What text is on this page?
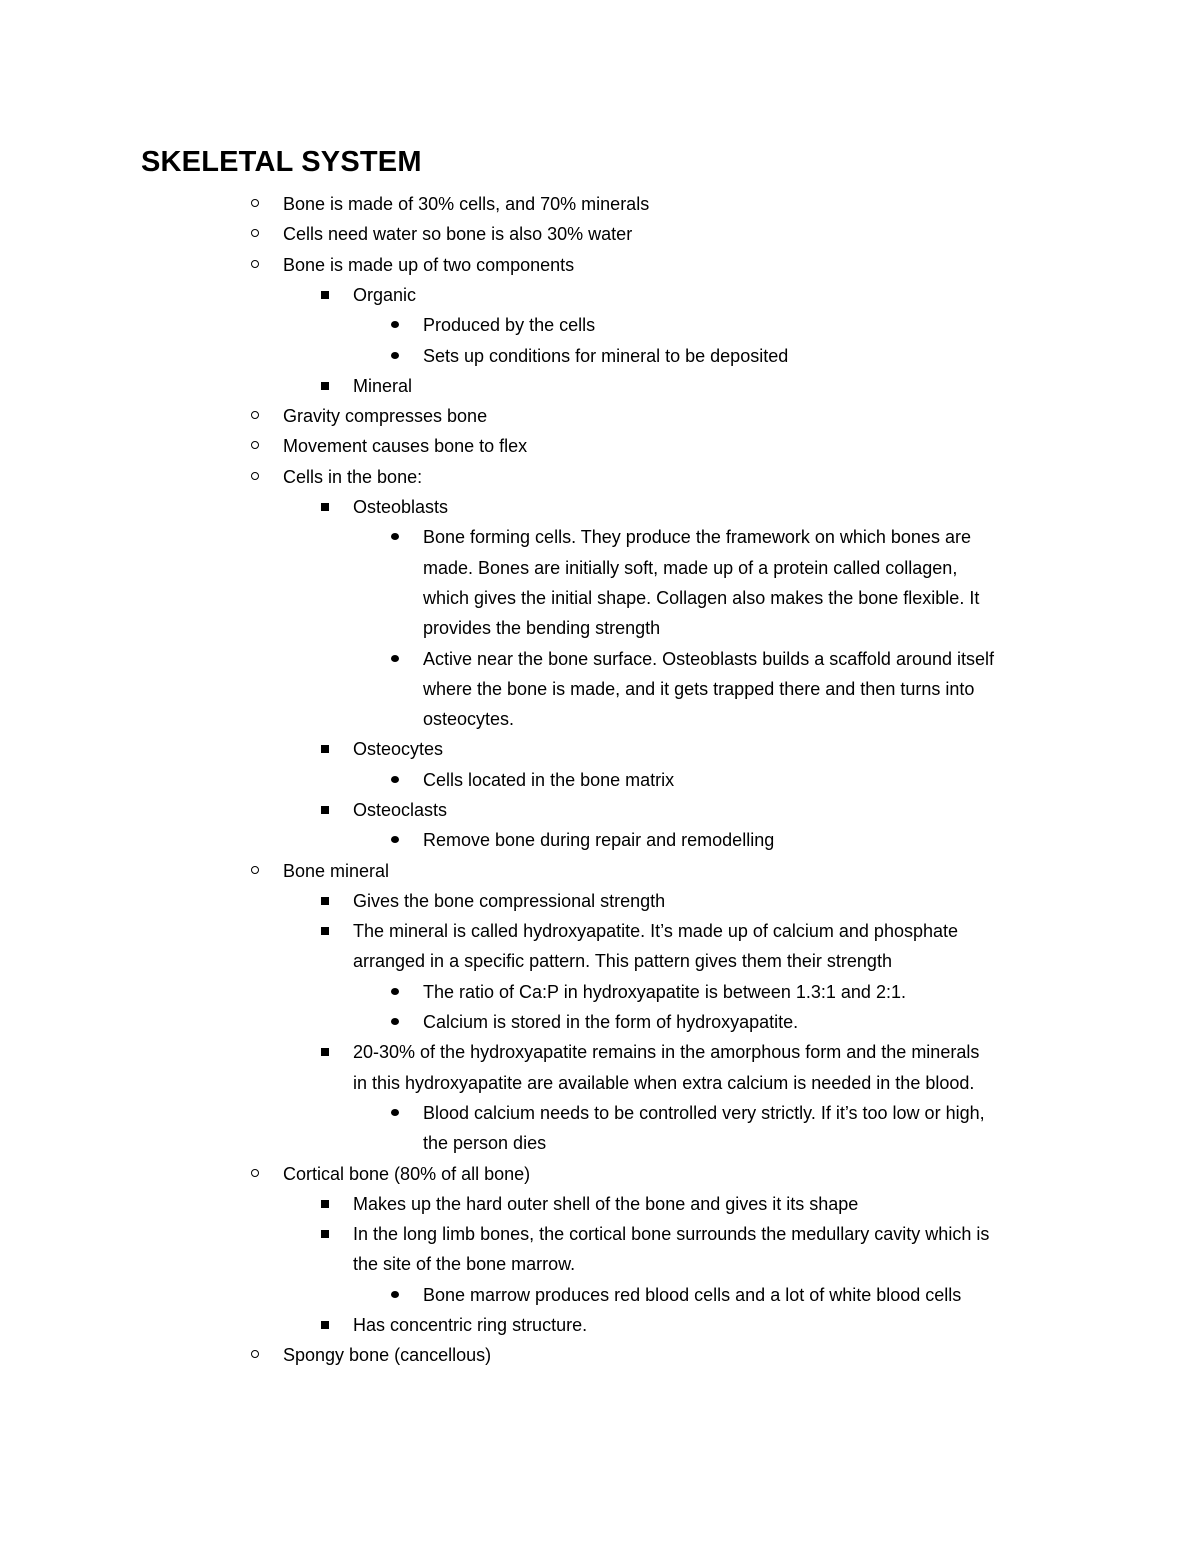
SKELETAL SYSTEM
Bone is made of 30% cells, and 70% minerals
Cells need water so bone is also 30% water
Bone is made up of two components
Organic
Produced by the cells
Sets up conditions for mineral to be deposited
Mineral
Gravity compresses bone
Movement causes bone to flex
Cells in the bone:
Osteoblasts
Bone forming cells. They produce the framework on which bones are
made. Bones are initially soft, made up of a protein called collagen,
which gives the initial shape. Collagen also makes the bone flexible. It
provides the bending strength
Active near the bone surface. Osteoblasts builds a scaffold around itself
where the bone is made, and it gets trapped there and then turns into
osteocytes.
Osteocytes
Cells located in the bone matrix
Osteoclasts
Remove bone during repair and remodelling
Bone mineral
Gives the bone compressional strength
The mineral is called hydroxyapatite. It’s made up of calcium and phosphate
arranged in a specific pattern. This pattern gives them their strength
The ratio of Ca:P in hydroxyapatite is between 1.3:1 and 2:1.
Calcium is stored in the form of hydroxyapatite.
20-30% of the hydroxyapatite remains in the amorphous form and the minerals
in this hydroxyapatite are available when extra calcium is needed in the blood.
Blood calcium needs to be controlled very strictly. If it’s too low or high,
the person dies
Cortical bone (80% of all bone)
Makes up the hard outer shell of the bone and gives it its shape
In the long limb bones, the cortical bone surrounds the medullary cavity which is
the site of the bone marrow.
Bone marrow produces red blood cells and a lot of white blood cells
Has concentric ring structure.
Spongy bone (cancellous)
